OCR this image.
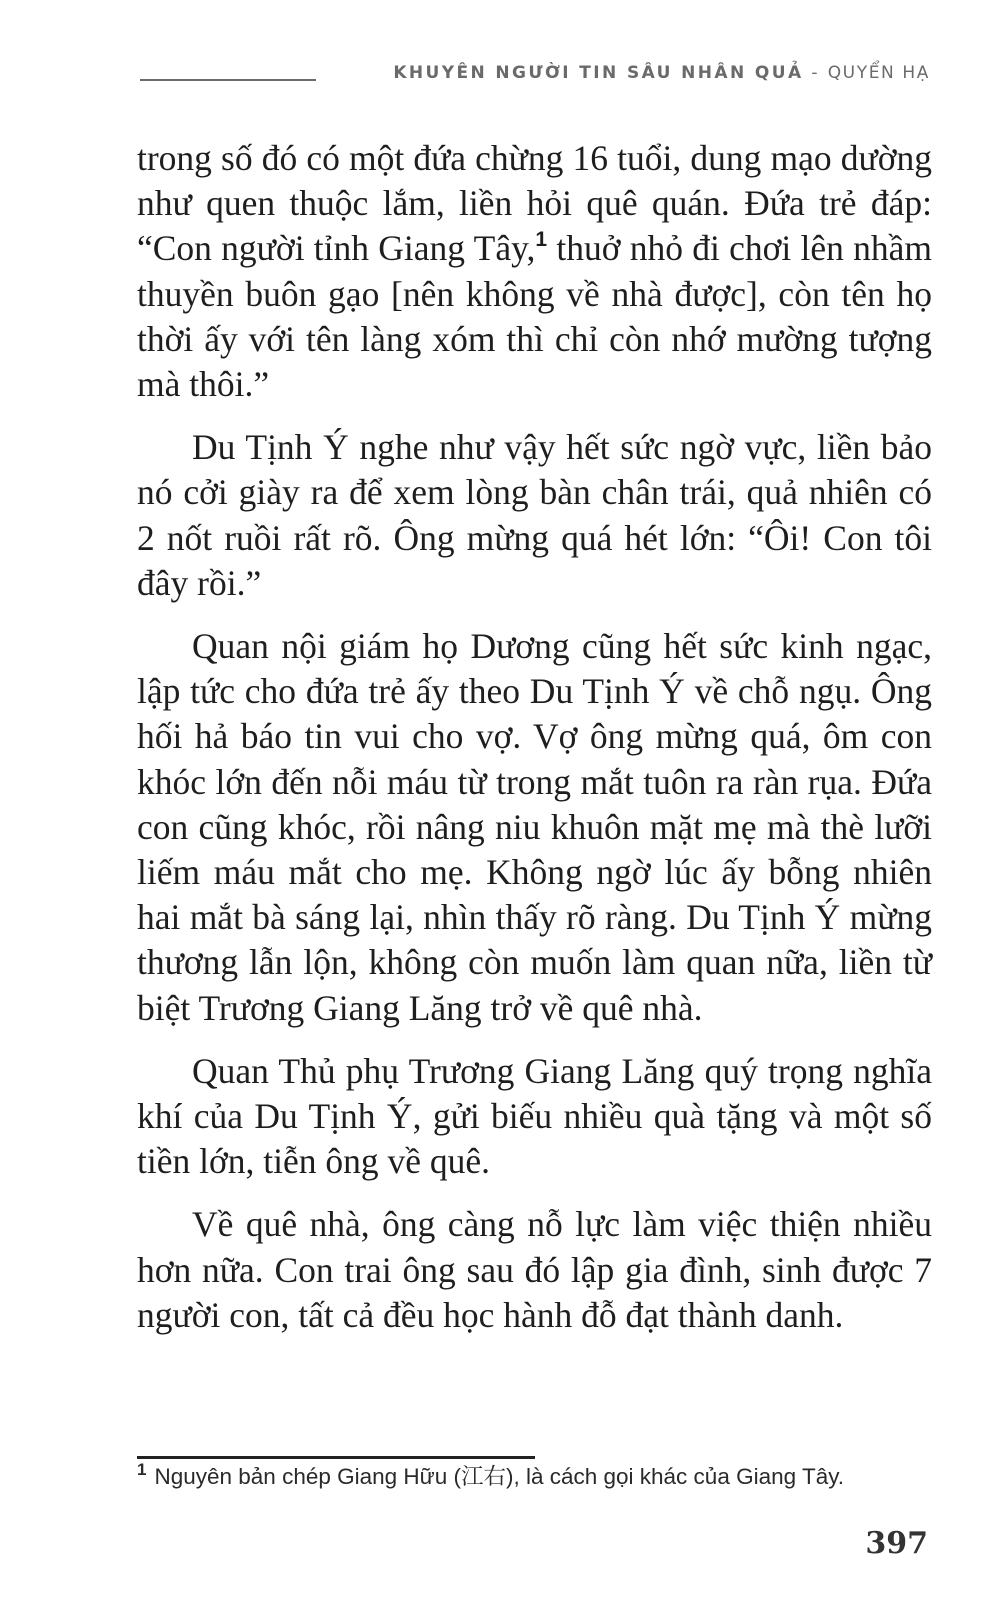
KHUYÊN NGƯỜI TIN SÂU NHÂN QUẢ - QUYỂN HẠ

trong số đó có một đứa chừng 16 tuổi, dung mạo dường như quen thuộc lắm, liền hỏi quê quán. Đứa trẻ đáp: “Con người tỉnh Giang Tây,$^1$ thuở nhỏ đi chơi lên nhầm thuyền buôn gạo [nên không về nhà được], còn tên họ thời ấy với tên làng xóm thì chỉ còn nhớ mường tượng mà thôi.”

Du Tịnh Ý nghe như vậy hết sức ngờ vực, liền bảo nó cởi giày ra để xem lòng bàn chân trái, quả nhiên có 2 nốt ruồi rất rõ. Ông mừng quá hét lớn: “Ôi! Con tôi đây rồi.”

Quan nội giám họ Dương cũng hết sức kinh ngạc, lập tức cho đứa trẻ ấy theo Du Tịnh Ý về chỗ ngụ. Ông hối hả báo tin vui cho vợ. Vợ ông mừng quá, ôm con khóc lớn đến nỗi máu từ trong mắt tuôn ra ràn rụa. Đứa con cũng khóc, rồi nâng niu khuôn mặt mẹ mà thè lưỡi liếm máu mắt cho mẹ. Không ngờ lúc ấy bỗng nhiên hai mắt bà sáng lại, nhìn thấy rõ ràng. Du Tịnh Ý mừng thương lẫn lộn, không còn muốn làm quan nữa, liền từ biệt Trương Giang Lăng trở về quê nhà.

Quan Thủ phụ Trương Giang Lăng quý trọng nghĩa khí của Du Tịnh Ý, gửi biếu nhiều quà tặng và một số tiền lớn, tiễn ông về quê.

Về quê nhà, ông càng nỗ lực làm việc thiện nhiều hơn nữa. Con trai ông sau đó lập gia đình, sinh được 7 người con, tất cả đều học hành đỗ đạt thành danh.

$^1$ Nguyên bản chép Giang Hữu (江右), là cách gọi khác của Giang Tây.
397
